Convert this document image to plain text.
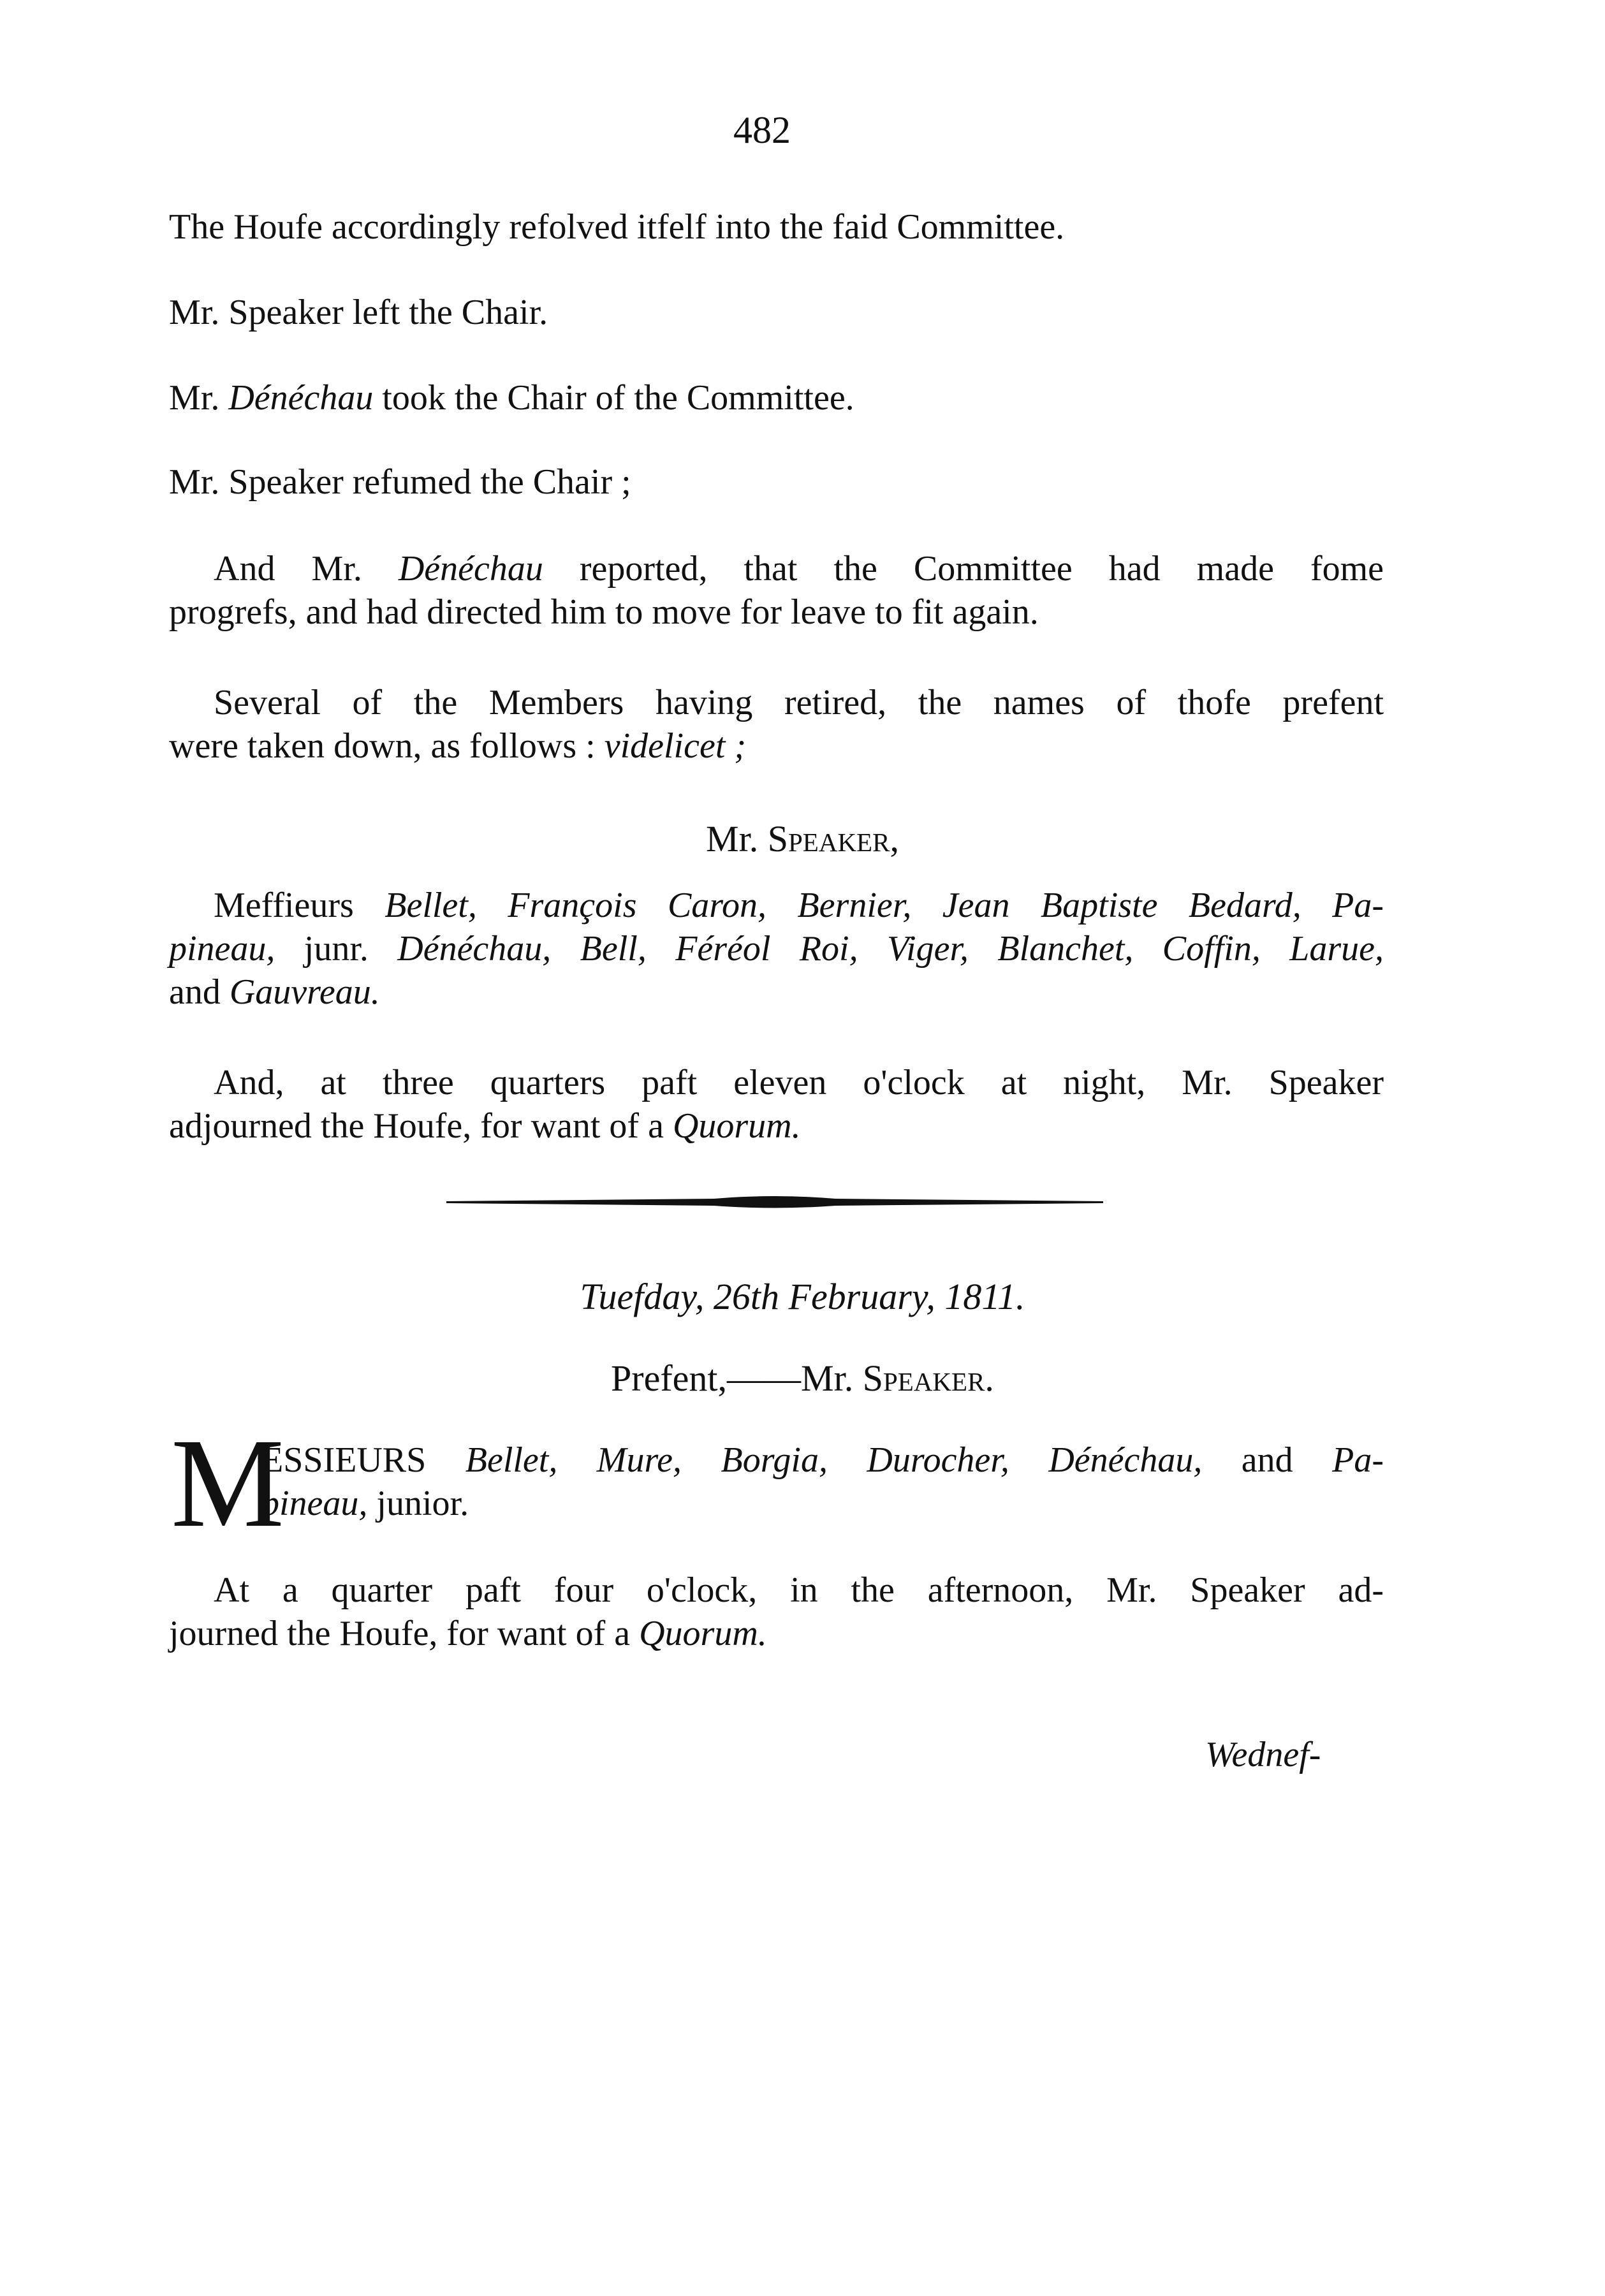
482
The Houfe accordingly refolved itfelf into the faid Committee.
Mr. Speaker left the Chair.
Mr. Dénéchau took the Chair of the Committee.
Mr. Speaker refumed the Chair ;
And Mr. Dénéchau reported, that the Committee had made fome
progrefs, and had directed him to move for leave to fit again.
Several of the Members having retired, the names of thofe prefent
were taken down, as follows : videlicet ;
Mr. Speaker,
Meffieurs Bellet, François Caron, Bernier, Jean Baptiste Bedard, Pa-
pineau, junr. Dénéchau, Bell, Féréol Roi, Viger, Blanchet, Coffin, Larue,
and Gauvreau.
And, at three quarters paft eleven o'clock at night, Mr. Speaker
adjourned the Houfe, for want of a Quorum.
Tuefday, 26th February, 1811.
Prefent,——Mr. Speaker.
M
ESSIEURS Bellet, Mure, Borgia, Durocher, Dénéchau, and Pa-
pineau, junior.
At a quarter paft four o'clock, in the afternoon, Mr. Speaker ad-
journed the Houfe, for want of a Quorum.
Wednef-
